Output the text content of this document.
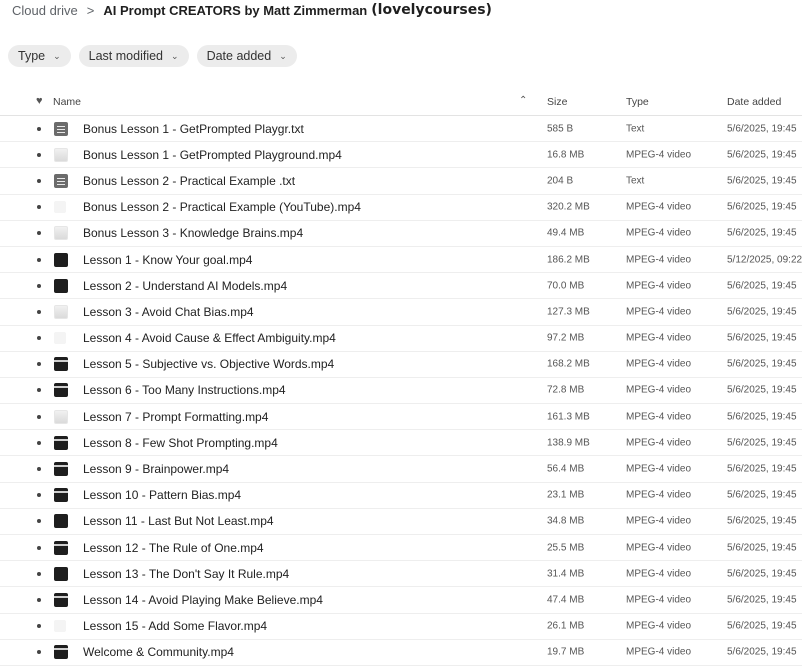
Cloud drive > AI Prompt CREATORS by Matt Zimmerman (lovelycourses)
Type ⌄ Last modified ⌄ Date added ⌄
♥ Name	⌃ Size	Type	Date added
Bonus Lesson 1 - GetPrompted Playgr.txt	585 B	Text	5/6/2025, 19:45
Bonus Lesson 1 - GetPrompted Playground.mp4	16.8 MB	MPEG-4 video	5/6/2025, 19:45
Bonus Lesson 2 - Practical Example .txt	204 B	Text	5/6/2025, 19:45
Bonus Lesson 2 - Practical Example (YouTube).mp4	320.2 MB	MPEG-4 video	5/6/2025, 19:45
Bonus Lesson 3 - Knowledge Brains.mp4	49.4 MB	MPEG-4 video	5/6/2025, 19:45
Lesson 1 - Know Your goal.mp4	186.2 MB	MPEG-4 video	5/12/2025, 09:22
Lesson 2 - Understand AI Models.mp4	70.0 MB	MPEG-4 video	5/6/2025, 19:45
Lesson 3 - Avoid Chat Bias.mp4	127.3 MB	MPEG-4 video	5/6/2025, 19:45
Lesson 4 - Avoid Cause & Effect Ambiguity.mp4	97.2 MB	MPEG-4 video	5/6/2025, 19:45
Lesson 5 - Subjective vs. Objective Words.mp4	168.2 MB	MPEG-4 video	5/6/2025, 19:45
Lesson 6 - Too Many Instructions.mp4	72.8 MB	MPEG-4 video	5/6/2025, 19:45
Lesson 7 - Prompt Formatting.mp4	161.3 MB	MPEG-4 video	5/6/2025, 19:45
Lesson 8 - Few Shot Prompting.mp4	138.9 MB	MPEG-4 video	5/6/2025, 19:45
Lesson 9 - Brainpower.mp4	56.4 MB	MPEG-4 video	5/6/2025, 19:45
Lesson 10 - Pattern Bias.mp4	23.1 MB	MPEG-4 video	5/6/2025, 19:45
Lesson 11 - Last But Not Least.mp4	34.8 MB	MPEG-4 video	5/6/2025, 19:45
Lesson 12 - The Rule of One.mp4	25.5 MB	MPEG-4 video	5/6/2025, 19:45
Lesson 13 - The Don't Say It Rule.mp4	31.4 MB	MPEG-4 video	5/6/2025, 19:45
Lesson 14 - Avoid Playing Make Believe.mp4	47.4 MB	MPEG-4 video	5/6/2025, 19:45
Lesson 15 - Add Some Flavor.mp4	26.1 MB	MPEG-4 video	5/6/2025, 19:45
Welcome & Community.mp4	19.7 MB	MPEG-4 video	5/6/2025, 19:45
